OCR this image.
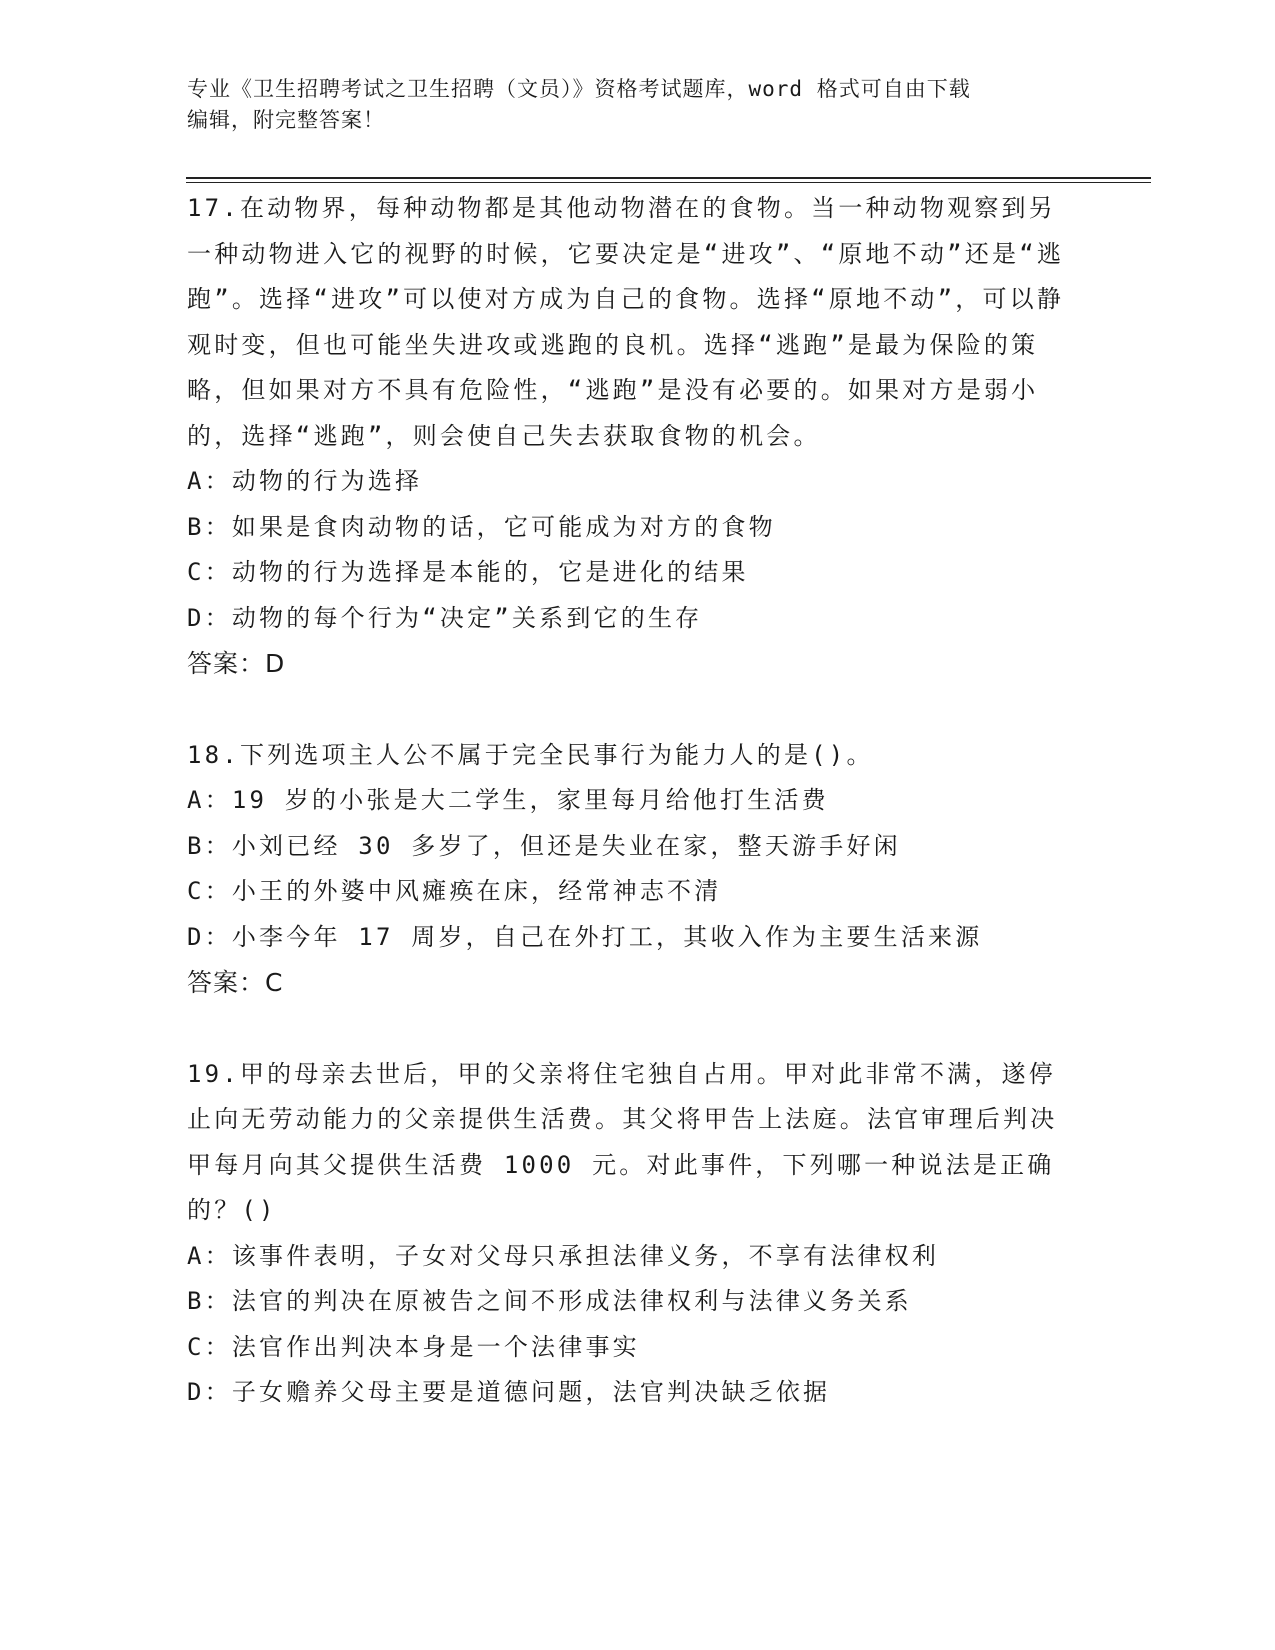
专业《卫生招聘考试之卫生招聘（文员）》资格考试题库，word 格式可自由下载
编辑，附完整答案！
17.在动物界，每种动物都是其他动物潜在的食物。当一种动物观察到另一种动物进入它的视野的时候，它要决定是“进攻”、“原地不动”还是“逃跑”。选择“进攻”可以使对方成为自己的食物。选择“原地不动”，可以静观时变，但也可能坐失进攻或逃跑的良机。选择“逃跑”是最为保险的策略，但如果对方不具有危险性，“逃跑”是没有必要的。如果对方是弱小的，选择“逃跑”，则会使自己失去获取食物的机会。
A：动物的行为选择
B：如果是食肉动物的话，它可能成为对方的食物
C：动物的行为选择是本能的，它是进化的结果
D：动物的每个行为“决定”关系到它的生存
答案：D
18.下列选项主人公不属于完全民事行为能力人的是()。
A：19 岁的小张是大二学生，家里每月给他打生活费
B：小刘已经 30 多岁了，但还是失业在家，整天游手好闲
C：小王的外婆中风瘫痪在床，经常神志不清
D：小李今年 17 周岁，自己在外打工，其收入作为主要生活来源
答案：C
19.甲的母亲去世后，甲的父亲将住宅独自占用。甲对此非常不满，遂停止向无劳动能力的父亲提供生活费。其父将甲告上法庭。法官审理后判决甲每月向其父提供生活费 1000 元。对此事件，下列哪一种说法是正确的？()
A：该事件表明，子女对父母只承担法律义务，不享有法律权利
B：法官的判决在原被告之间不形成法律权利与法律义务关系
C：法官作出判决本身是一个法律事实
D：子女赡养父母主要是道德问题，法官判决缺乏依据
